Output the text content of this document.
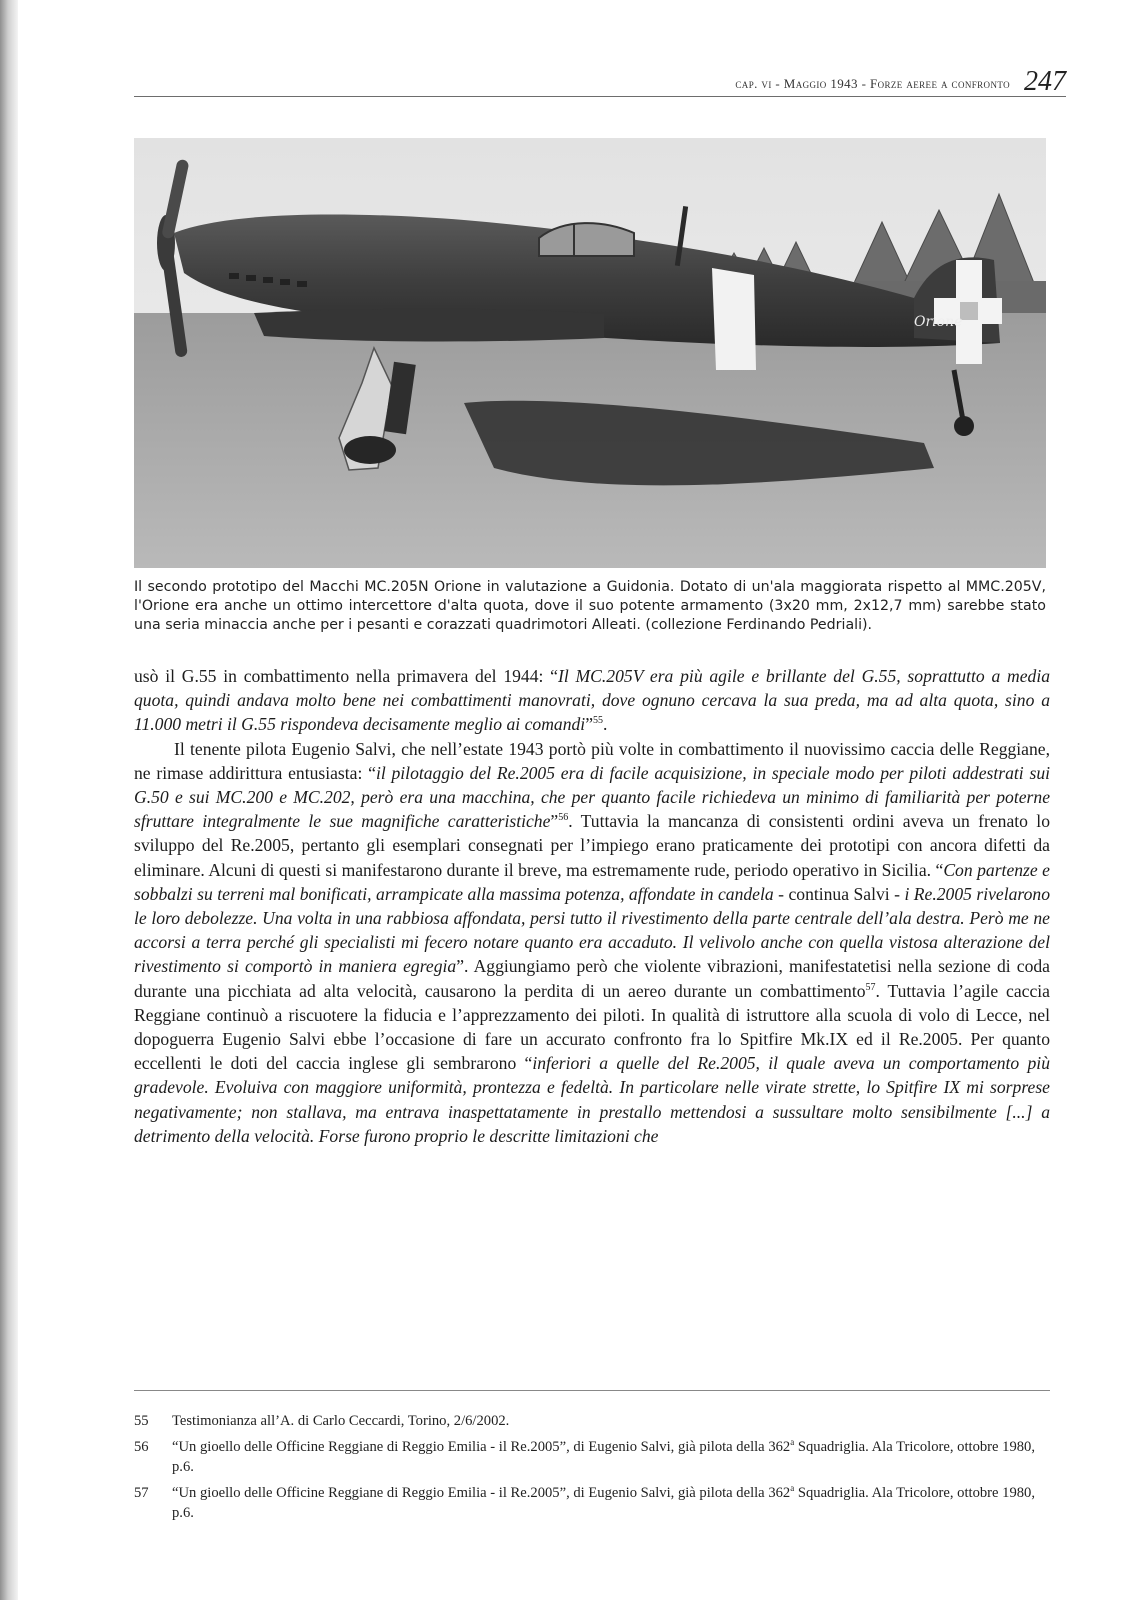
cap. vi - Maggio 1943 - Forze aeree a confronto 247
Orione
Il secondo prototipo del Macchi MC.205N Orione in valutazione a Guidonia. Dotato di un'ala maggiorata rispetto al MMC.205V, l'Orione era anche un ottimo intercettore d'alta quota, dove il suo potente armamento (3x20 mm, 2x12,7 mm) sarebbe stato una seria minaccia anche per i pesanti e corazzati quadrimotori Alleati. (collezione Ferdinando Pedriali).

usò il G.55 in combattimento nella primavera del 1944: “Il MC.205V era più agile e brillante del G.55, soprattutto a media quota, quindi andava molto bene nei combattimenti manovrati, dove ognuno cercava la sua preda, ma ad alta quota, sino a 11.000 metri il G.55 rispondeva decisamente meglio ai comandi”$^{55}$.

Il tenente pilota Eugenio Salvi, che nell’estate 1943 portò più volte in combattimento il nuovissimo caccia delle Reggiane, ne rimase addirittura entusiasta: “il pilotaggio del Re.2005 era di facile acquisizione, in speciale modo per piloti addestrati sui G.50 e sui MC.200 e MC.202, però era una macchina, che per quanto facile richiedeva un minimo di familiarità per poterne sfruttare integralmente le sue magnifiche caratteristiche”$^{56}$. Tuttavia la mancanza di consistenti ordini aveva un frenato lo sviluppo del Re.2005, pertanto gli esemplari consegnati per l’impiego erano praticamente dei prototipi con ancora difetti da eliminare. Alcuni di questi si manifestarono durante il breve, ma estremamente rude, periodo operativo in Sicilia. “Con partenze e sobbalzi su terreni mal bonificati, arrampicate alla massima potenza, affondate in candela - continua Salvi - i Re.2005 rivelarono le loro debolezze. Una volta in una rabbiosa affondata, persi tutto il rivestimento della parte centrale dell’ala destra. Però me ne accorsi a terra perché gli specialisti mi fecero notare quanto era accaduto. Il velivolo anche con quella vistosa alterazione del rivestimento si comportò in maniera egregia”. Aggiungiamo però che violente vibrazioni, manifestatetisi nella sezione di coda durante una picchiata ad alta velocità, causarono la perdita di un aereo durante un combattimento$^{57}$. Tuttavia l’agile caccia Reggiane continuò a riscuotere la fiducia e l’apprezzamento dei piloti. In qualità di istruttore alla scuola di volo di Lecce, nel dopoguerra Eugenio Salvi ebbe l’occasione di fare un accurato confronto fra lo Spitfire Mk.IX ed il Re.2005. Per quanto eccellenti le doti del caccia inglese gli sembrarono “inferiori a quelle del Re.2005, il quale aveva un comportamento più gradevole. Evoluiva con maggiore uniformità, prontezza e fedeltà. In particolare nelle virate strette, lo Spitfire IX mi sorprese negativamente; non stallava, ma entrava inaspettatamente in prestallo mettendosi a sussultare molto sensibilmente [...] a detrimento della velocità. Forse furono proprio le descritte limitazioni che

55	Testimonianza all’A. di Carlo Ceccardi, Torino, 2/6/2002.
56	“Un gioello delle Officine Reggiane di Reggio Emilia - il Re.2005”, di Eugenio Salvi, già pilota della 362$^a$ Squadriglia. Ala Tricolore, ottobre 1980, p.6.
57	“Un gioello delle Officine Reggiane di Reggio Emilia - il Re.2005”, di Eugenio Salvi, già pilota della 362$^a$ Squadriglia. Ala Tricolore, ottobre 1980, p.6.
